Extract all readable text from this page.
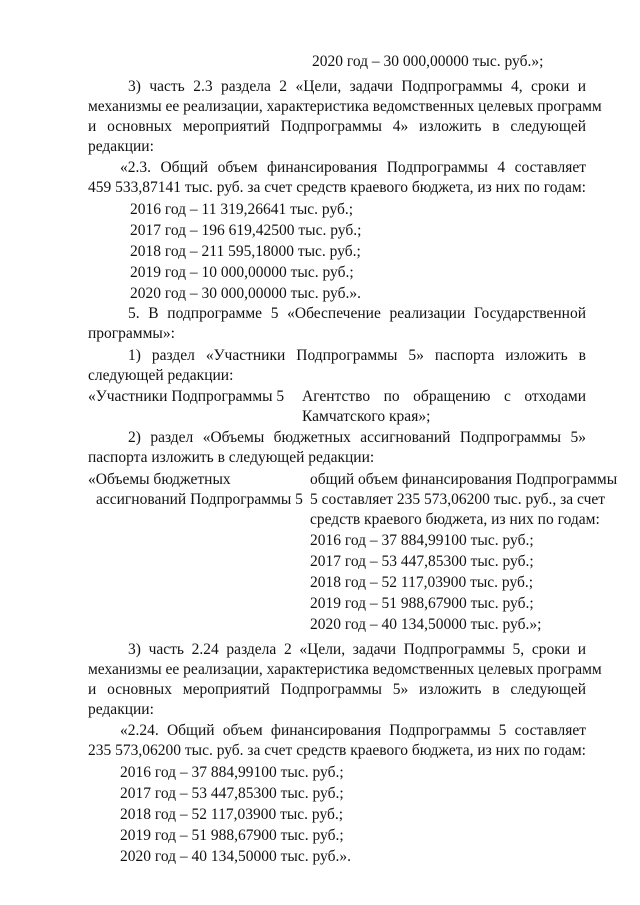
2020 год – 30 000,00000 тыс. руб.»;
3) часть 2.3 раздела 2 «Цели, задачи Подпрограммы 4, сроки и
механизмы ее реализации, характеристика ведомственных целевых программ
и основных мероприятий Подпрограммы 4» изложить в следующей
редакции:
«2.3. Общий объем финансирования Подпрограммы 4 составляет
459 533,87141 тыс. руб. за счет средств краевого бюджета, из них по годам:
2016 год – 11 319,26641 тыс. руб.;
2017 год – 196 619,42500 тыс. руб.;
2018 год – 211 595,18000 тыс. руб.;
2019 год – 10 000,00000 тыс. руб.;
2020 год – 30 000,00000 тыс. руб.».
5. В подпрограмме 5 «Обеспечение реализации Государственной
программы»:
1) раздел «Участники Подпрограммы 5» паспорта изложить в
следующей редакции:
«Участники Подпрограммы 5 Агентство по обращению с отходами
Камчатского края»;
2) раздел «Объемы бюджетных ассигнований Подпрограммы 5»
паспорта изложить в следующей редакции:
«Объемы бюджетных
ассигнований Подпрограммы 5
общий объем финансирования Подпрограммы
5 составляет 235 573,06200 тыс. руб., за счет
средств краевого бюджета, из них по годам:
2016 год – 37 884,99100 тыс. руб.;
2017 год – 53 447,85300 тыс. руб.;
2018 год – 52 117,03900 тыс. руб.;
2019 год – 51 988,67900 тыс. руб.;
2020 год – 40 134,50000 тыс. руб.»;
3) часть 2.24 раздела 2 «Цели, задачи Подпрограммы 5, сроки и
механизмы ее реализации, характеристика ведомственных целевых программ
и основных мероприятий Подпрограммы 5» изложить в следующей
редакции:
«2.24. Общий объем финансирования Подпрограммы 5 составляет
235 573,06200 тыс. руб. за счет средств краевого бюджета, из них по годам:
2016 год – 37 884,99100 тыс. руб.;
2017 год – 53 447,85300 тыс. руб.;
2018 год – 52 117,03900 тыс. руб.;
2019 год – 51 988,67900 тыс. руб.;
2020 год – 40 134,50000 тыс. руб.».
